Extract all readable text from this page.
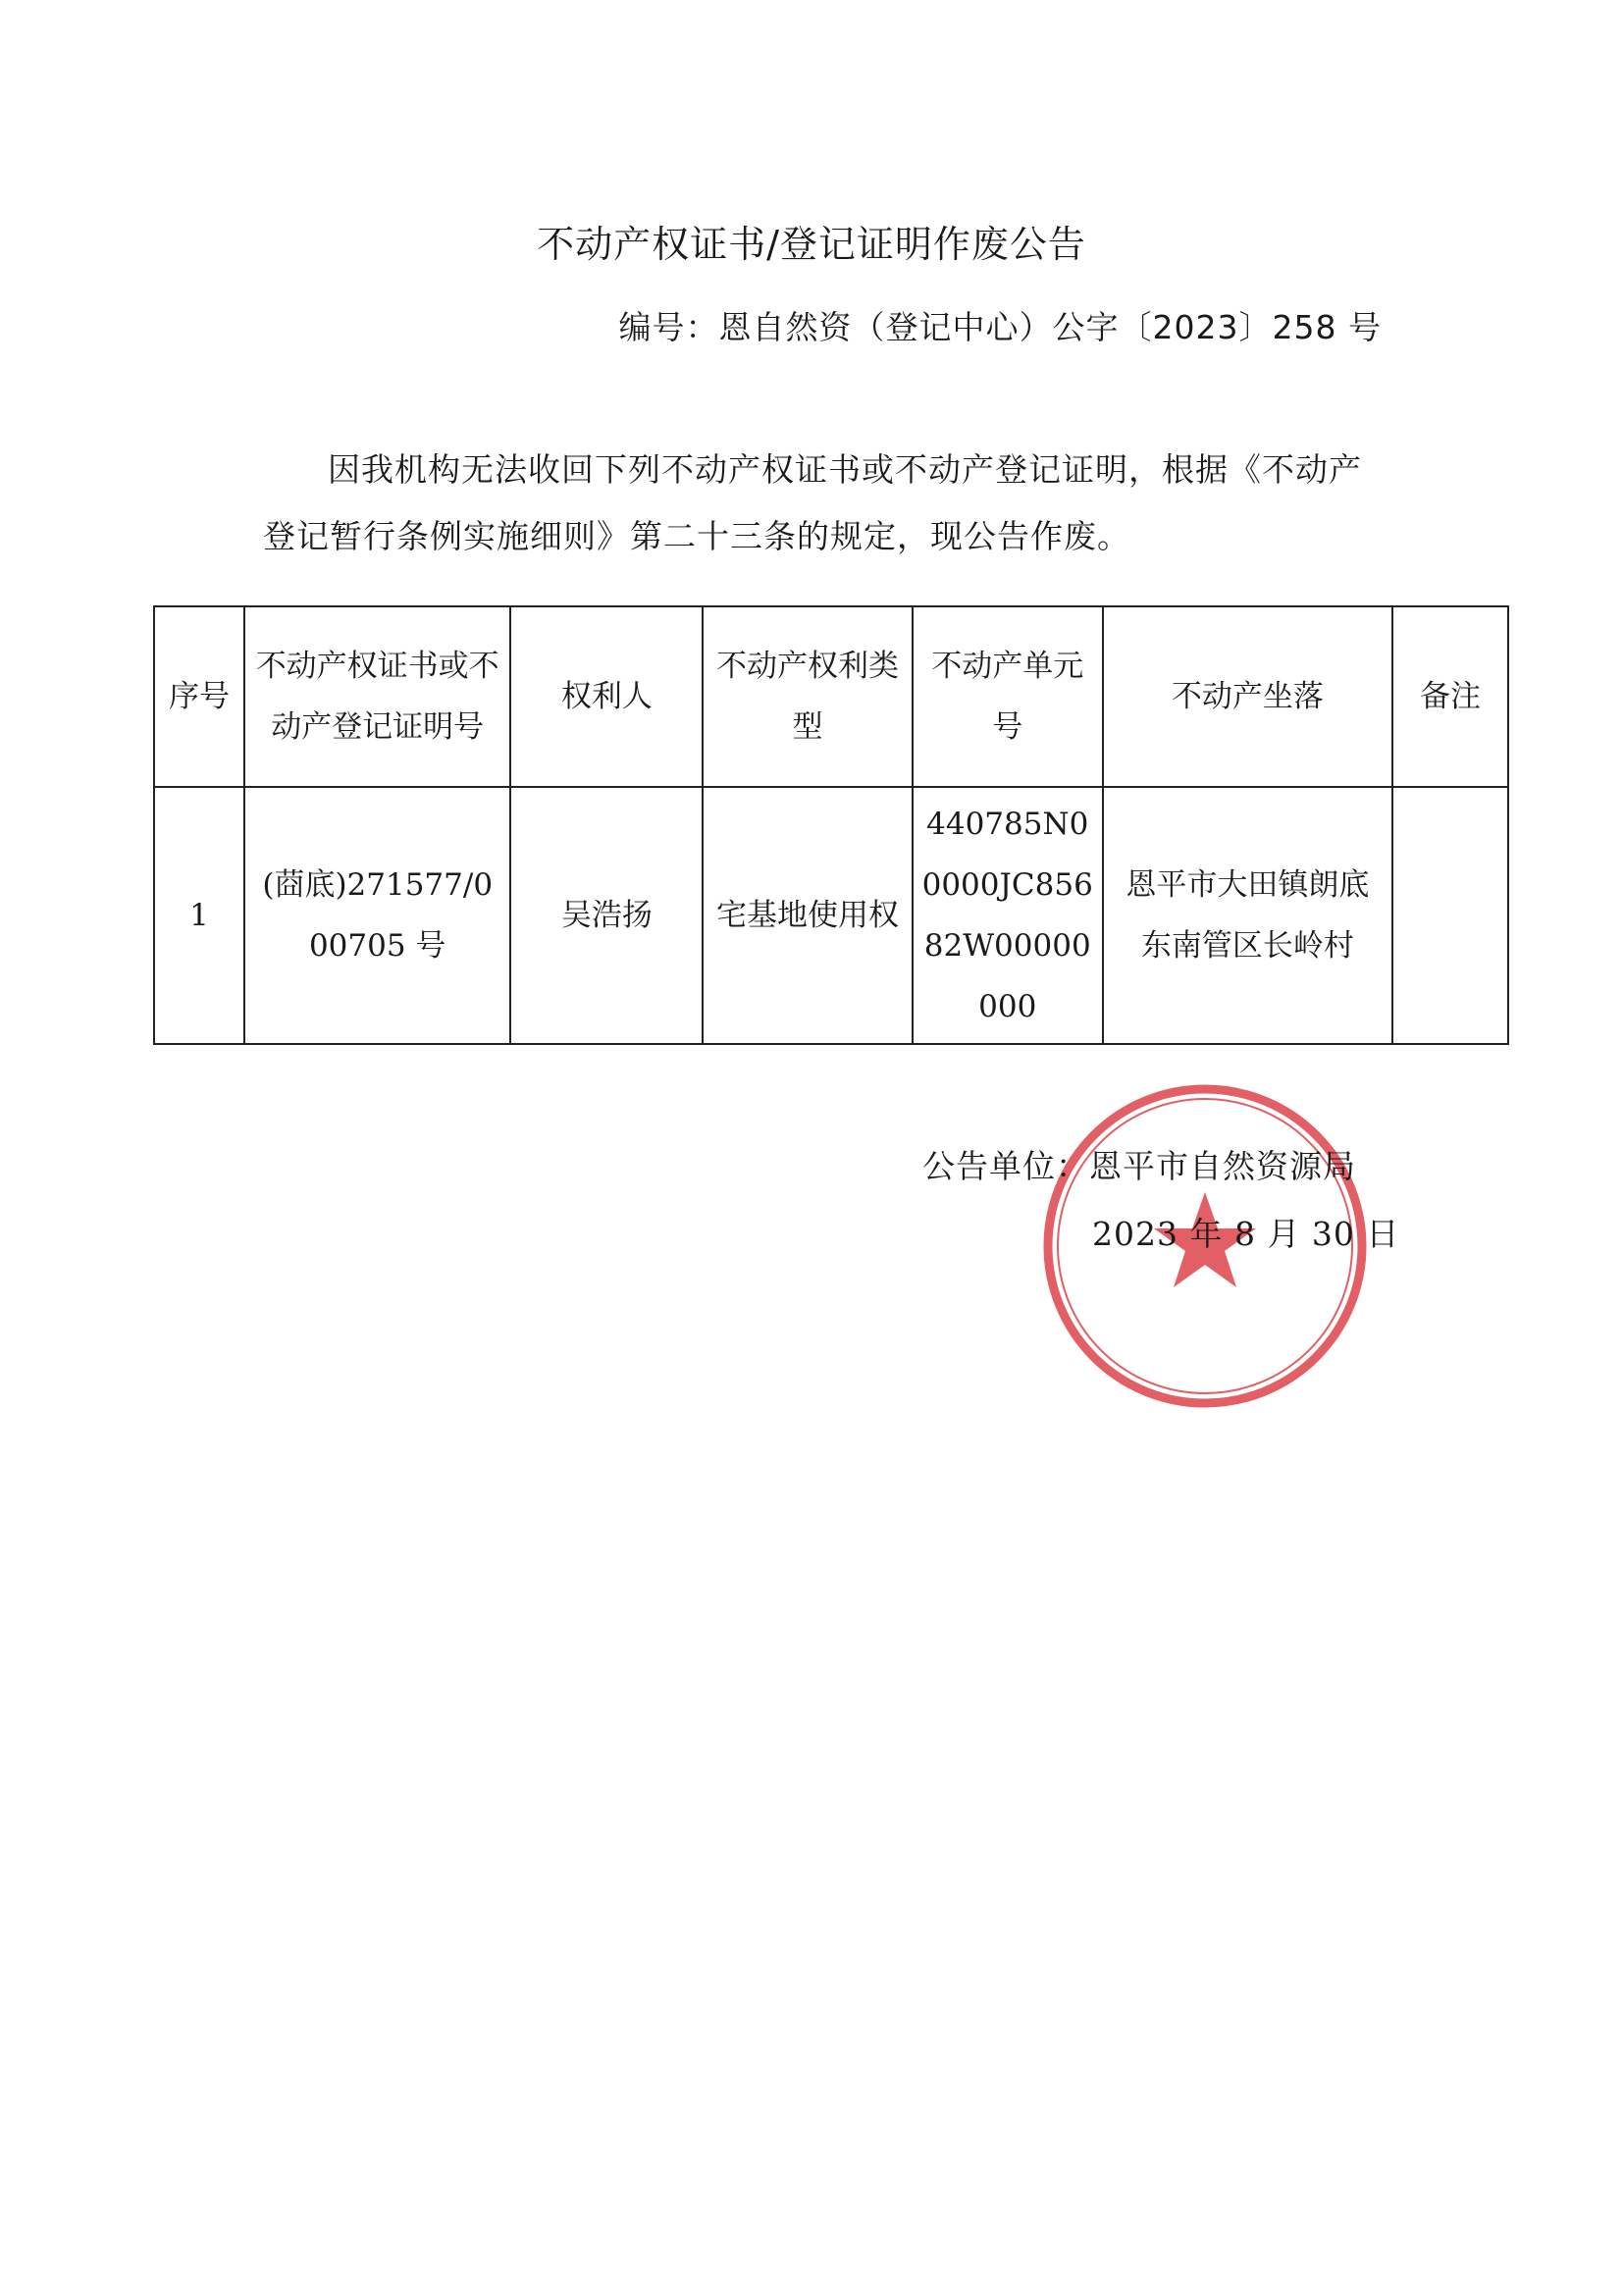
不动产权证书/登记证明作废公告
编号：恩自然资（登记中心）公字〔2023〕258 号
因我机构无法收回下列不动产权证书或不动产登记证明，根据《不动产登记暂行条例实施细则》第二十三条的规定，现公告作废。
序号	不动产权证书或不动产登记证明号	权利人	不动产权利类型	不动产单元号	不动产坐落	备注
1	(莔底)271577/000705 号	吴浩扬	宅基地使用权	440785N00000JC85682W00000000	恩平市大田镇朗底东南管区长岭村	
公告单位：恩平市自然资源局
2023 年 8 月 30 日
